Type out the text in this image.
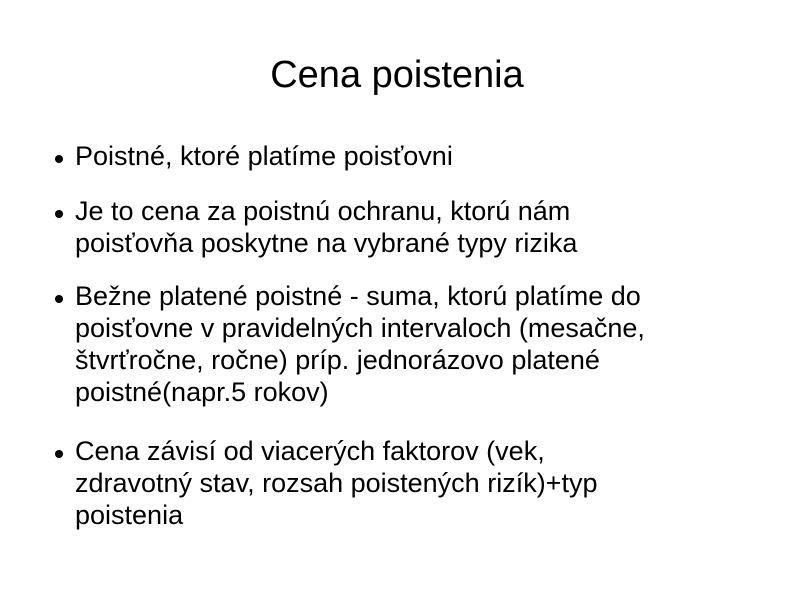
Cena poistenia
Poistné, ktoré platíme poisťovni
Je to cena za poistnú ochranu, ktorú nám
poisťovňa poskytne na vybrané typy rizika
Bežne platené poistné - suma, ktorú platíme do
poisťovne v pravidelných intervaloch (mesačne,
štvrťročne, ročne) príp. jednorázovo platené
poistné(napr.5 rokov)
Cena závisí od viacerých faktorov (vek,
zdravotný stav, rozsah poistených rizík)+typ
poistenia
